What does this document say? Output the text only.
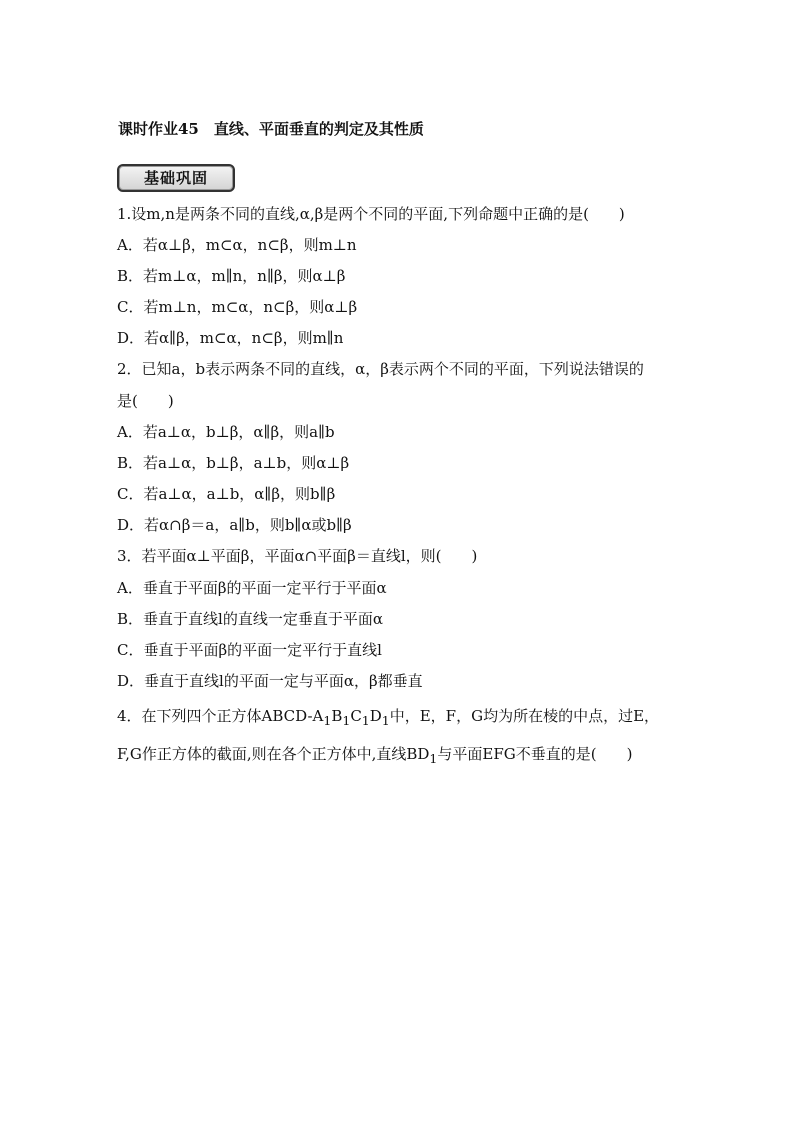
课时作业45　直线、平面垂直的判定及其性质
基础巩固
1.设m,n是两条不同的直线,α,β是两个不同的平面,下列命题中正确的是(　　)
A．若α⊥β，m⊂α，n⊂β，则m⊥n
B．若m⊥α，m∥n，n∥β，则α⊥β
C．若m⊥n，m⊂α，n⊂β，则α⊥β
D．若α∥β，m⊂α，n⊂β，则m∥n
2．已知a，b表示两条不同的直线，α，β表示两个不同的平面，下列说法错误的
是(　　)
A．若a⊥α，b⊥β，α∥β，则a∥b
B．若a⊥α，b⊥β，a⊥b，则α⊥β
C．若a⊥α，a⊥b，α∥β，则b∥β
D．若α∩β＝a，a∥b，则b∥α或b∥β
3．若平面α⊥平面β，平面α∩平面β＝直线l，则(　　)
A．垂直于平面β的平面一定平行于平面α
B．垂直于直线l的直线一定垂直于平面α
C．垂直于平面β的平面一定平行于直线l
D．垂直于直线l的平面一定与平面α，β都垂直
4．在下列四个正方体ABCD-$A_1B_1C_1D_1$中，E，F，G均为所在棱的中点，过E，
F,G作正方体的截面,则在各个正方体中,直线$BD_1$与平面EFG不垂直的是(　　)
